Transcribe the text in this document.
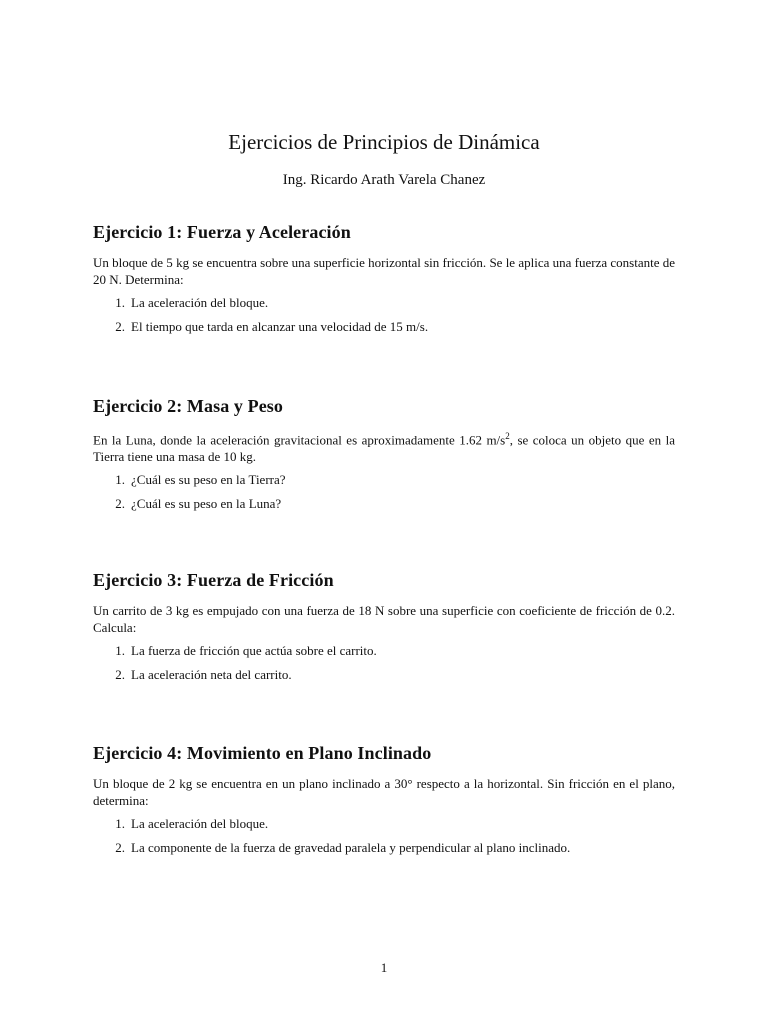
Ejercicios de Principios de Dinámica
Ing. Ricardo Arath Varela Chanez
Ejercicio 1: Fuerza y Aceleración

Un bloque de 5 kg se encuentra sobre una superficie horizontal sin fricción. Se le aplica una fuerza constante de 20 N. Determina:

1. La aceleración del bloque.
2. El tiempo que tarda en alcanzar una velocidad de 15 m/s.
Ejercicio 2: Masa y Peso

En la Luna, donde la aceleración gravitacional es aproximadamente 1.62 $m/s^2$, se coloca un objeto que en la Tierra tiene una masa de 10 kg.

1. ¿Cuál es su peso en la Tierra?
2. ¿Cuál es su peso en la Luna?
Ejercicio 3: Fuerza de Fricción

Un carrito de 3 kg es empujado con una fuerza de 18 N sobre una superficie con coeficiente de fricción de 0.2. Calcula:

1. La fuerza de fricción que actúa sobre el carrito.
2. La aceleración neta del carrito.
Ejercicio 4: Movimiento en Plano Inclinado

Un bloque de 2 kg se encuentra en un plano inclinado a 30° respecto a la horizontal. Sin fricción en el plano, determina:

1. La aceleración del bloque.
2. La componente de la fuerza de gravedad paralela y perpendicular al plano inclinado.
1
